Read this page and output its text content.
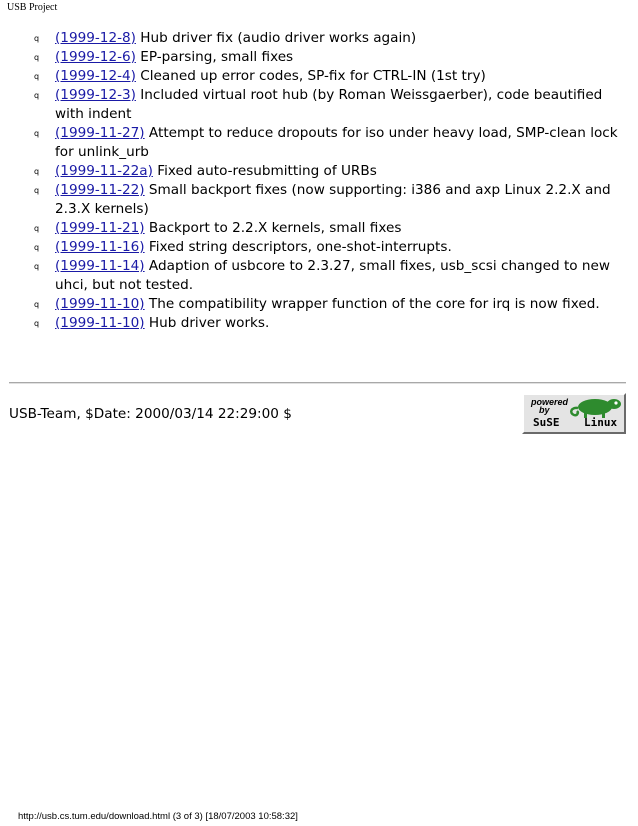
USB Project
q (1999-12-8) Hub driver fix (audio driver works again)
q (1999-12-6) EP-parsing, small fixes
q (1999-12-4) Cleaned up error codes, SP-fix for CTRL-IN (1st try)
q (1999-12-3) Included virtual root hub (by Roman Weissgaerber), code beautified with indent
q (1999-11-27) Attempt to reduce dropouts for iso under heavy load, SMP-clean lock for unlink_urb
q (1999-11-22a) Fixed auto-resubmitting of URBs
q (1999-11-22) Small backport fixes (now supporting: i386 and axp Linux 2.2.X and 2.3.X kernels)
q (1999-11-21) Backport to 2.2.X kernels, small fixes
q (1999-11-16) Fixed string descriptors, one-shot-interrupts.
q (1999-11-14) Adaption of usbcore to 2.3.27, small fixes, usb_scsi changed to new uhci, but not tested.
q (1999-11-10) The compatibility wrapper function of the core for irq is now fixed.
q (1999-11-10) Hub driver works.
USB-Team, $Date: 2000/03/14 22:29:00 $
powered
by
SuSE Linux
http://usb.cs.tum.edu/download.html (3 of 3) [18/07/2003 10:58:32]
